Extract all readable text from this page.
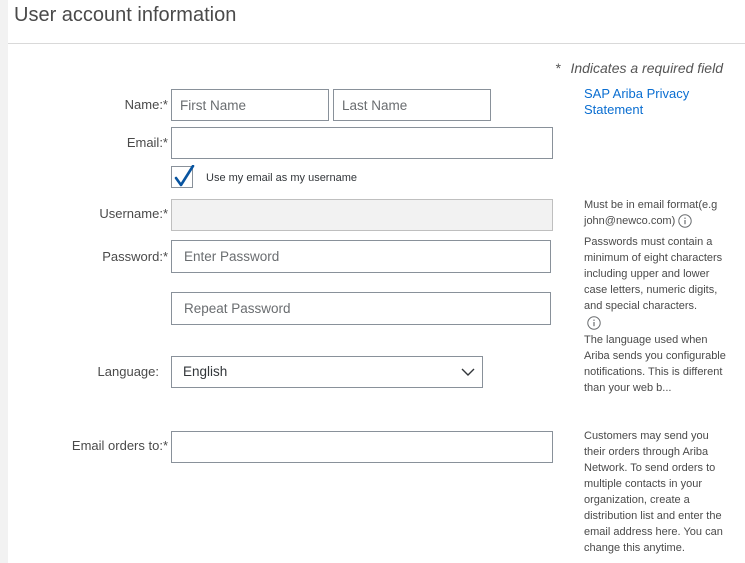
User account information
* Indicates a required field
SAP Ariba Privacy Statement
Name:*
First Name
Last Name
Email:*
Use my email as my username
Username:*
Password:*
Language: English
Email orders to:*
Must be in email format(e.g john@newco.com)
Passwords must contain a minimum of eight characters including upper and lower case letters, numeric digits, and special characters.
The language used when Ariba sends you configurable notifications. This is different than your web b...
Customers may send you their orders through Ariba Network. To send orders to multiple contacts in your organization, create a distribution list and enter the email address here. You can change this anytime.
